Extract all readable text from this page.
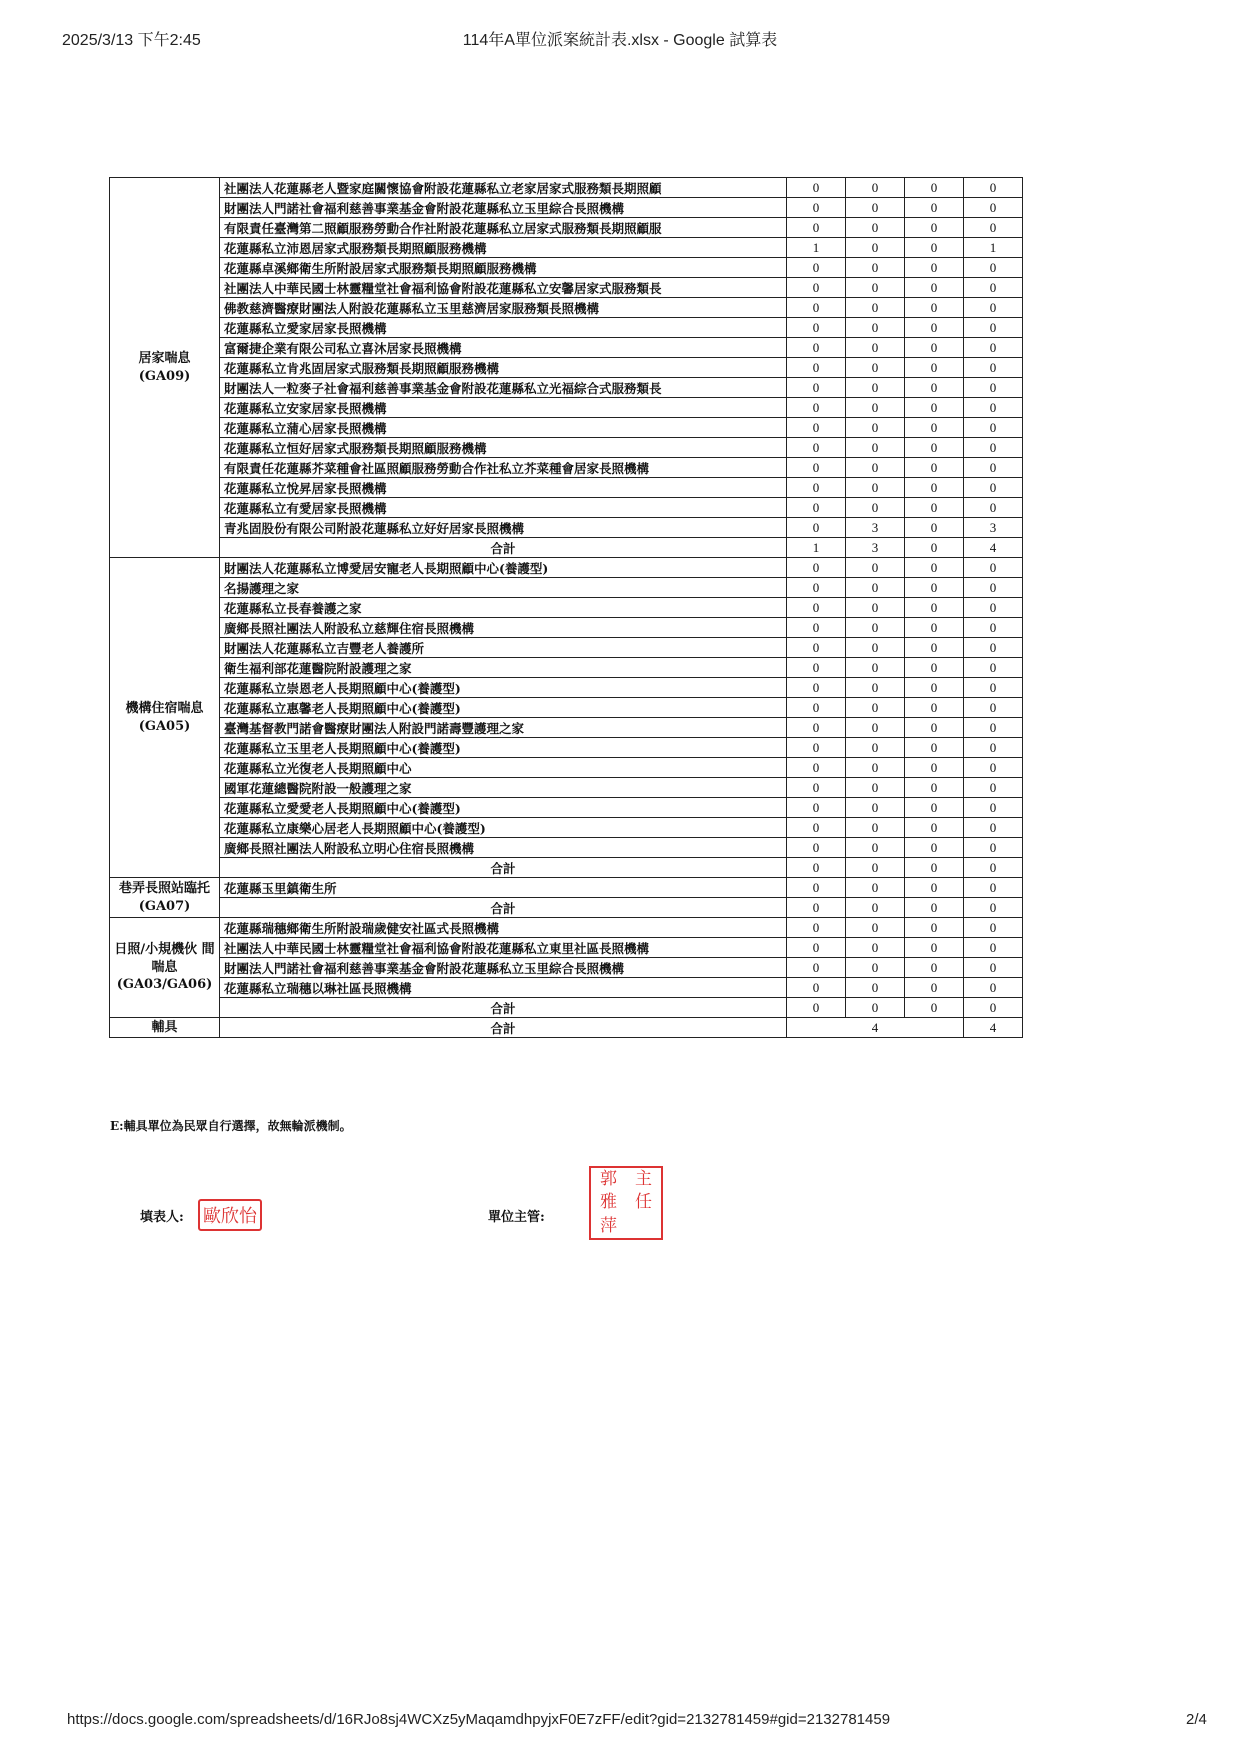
2025/3/13 下午2:45	114年A單位派案統計表.xlsx - Google 試算表
居家喘息 (GA09)	社團法人花蓮縣老人暨家庭關懷協會附設花蓮縣私立老家居家式服務類長期照顧	0	0	0	0
	財團法人門諾社會福利慈善事業基金會附設花蓮縣私立玉里綜合長照機構	0	0	0	0
	有限責任臺灣第二照顧服務勞動合作社附設花蓮縣私立居家式服務類長期照顧服	0	0	0	0
	花蓮縣私立沛恩居家式服務類長期照顧服務機構	1	0	0	1
	花蓮縣卓溪鄉衛生所附設居家式服務類長期照顧服務機構	0	0	0	0
	社團法人中華民國士林靈糧堂社會福利協會附設花蓮縣私立安馨居家式服務類長	0	0	0	0
	佛教慈濟醫療財團法人附設花蓮縣私立玉里慈濟居家服務類長照機構	0	0	0	0
	花蓮縣私立愛家居家長照機構	0	0	0	0
	富爾捷企業有限公司私立喜沐居家長照機構	0	0	0	0
	花蓮縣私立肯兆固居家式服務類長期照顧服務機構	0	0	0	0
	財團法人一粒麥子社會福利慈善事業基金會附設花蓮縣私立光福綜合式服務類長	0	0	0	0
	花蓮縣私立安家居家長照機構	0	0	0	0
	花蓮縣私立蒲心居家長照機構	0	0	0	0
	花蓮縣私立恒好居家式服務類長期照顧服務機構	0	0	0	0
	有限責任花蓮縣芥菜種會社區照顧服務勞動合作社私立芥菜種會居家長照機構	0	0	0	0
	花蓮縣私立悅昇居家長照機構	0	0	0	0
	花蓮縣私立有愛居家長照機構	0	0	0	0
	青兆固股份有限公司附設花蓮縣私立好好居家長照機構	0	3	0	3
	合計	1	3	0	4
機構住宿喘息 (GA05)	財團法人花蓮縣私立博愛居安寵老人長期照顧中心(養護型)	0	0	0	0
	名揚護理之家	0	0	0	0
	花蓮縣私立長春養護之家	0	0	0	0
	廣鄉長照社團法人附設私立慈輝住宿長照機構	0	0	0	0
	財團法人花蓮縣私立吉豐老人養護所	0	0	0	0
	衛生福利部花蓮醫院附設護理之家	0	0	0	0
	花蓮縣私立崇恩老人長期照顧中心(養護型)	0	0	0	0
	花蓮縣私立惠馨老人長期照顧中心(養護型)	0	0	0	0
	臺灣基督教門諾會醫療財團法人附設門諾壽豐護理之家	0	0	0	0
	花蓮縣私立玉里老人長期照顧中心(養護型)	0	0	0	0
	花蓮縣私立光復老人長期照顧中心	0	0	0	0
	國軍花蓮總醫院附設一般護理之家	0	0	0	0
	花蓮縣私立愛愛老人長期照顧中心(養護型)	0	0	0	0
	花蓮縣私立康樂心居老人長期照顧中心(養護型)	0	0	0	0
	廣鄉長照社團法人附設私立明心住宿長照機構	0	0	0	0
	合計	0	0	0	0
巷弄長照站臨托(GA07)	花蓮縣玉里鎮衛生所	0	0	0	0
	合計	0	0	0	0
日照/小規機伙 間喘息 (GA03/GA06)	花蓮縣瑞穗鄉衛生所附設瑞歲健安社區式長照機構	0	0	0	0
	社團法人中華民國士林靈糧堂社會福利協會附設花蓮縣私立東里社區長照機構	0	0	0	0
	財團法人門諾社會福利慈善事業基金會附設花蓮縣私立玉里綜合長照機構	0	0	0	0
	花蓮縣私立瑞穗以琳社區長照機構	0	0	0	0
	合計	0	0	0	0
輔具	合計	4			4
E:輔具單位為民眾自行選擇，故無輪派機制。
填表人: 歐欣怡	單位主管:
郭	主
雅	任
萍
https://docs.google.com/spreadsheets/d/16RJo8sj4WCXz5yMaqamdhpyjxF0E7zFF/edit?gid=2132781459#gid=2132781459	2/4
